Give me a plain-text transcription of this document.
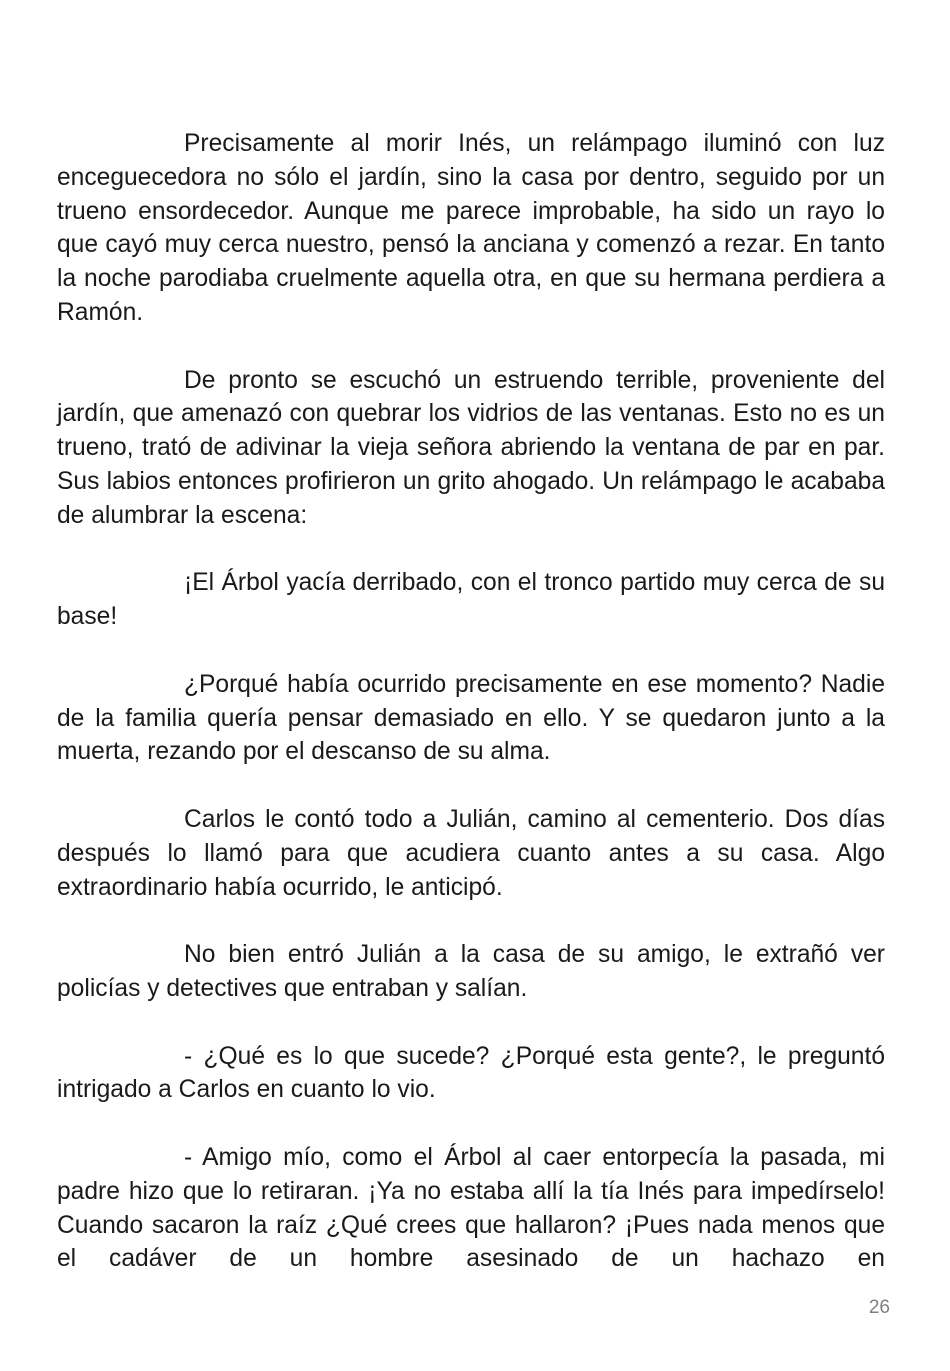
Precisamente al morir Inés, un relámpago iluminó con luz enceguecedora no sólo el jardín, sino la casa por dentro, seguido por un trueno ensordecedor. Aunque me parece improbable, ha sido un rayo lo que cayó muy cerca nuestro, pensó la anciana y comenzó a rezar. En tanto la noche parodiaba cruelmente aquella otra, en que su hermana perdiera a Ramón.

De pronto se escuchó un estruendo terrible, proveniente del jardín, que amenazó con quebrar los vidrios de las ventanas. Esto no es un trueno, trató de adivinar la vieja señora abriendo la ventana de par en par. Sus labios entonces profirieron un grito ahogado. Un relámpago le acababa de alumbrar la escena:

¡El Árbol yacía derribado, con el tronco partido muy cerca de su base!

¿Porqué había ocurrido precisamente en ese momento? Nadie de la familia quería pensar demasiado en ello. Y se quedaron junto a la muerta, rezando por el descanso de su alma.

Carlos le contó todo a Julián, camino al cementerio. Dos días después lo llamó para que acudiera cuanto antes a su casa. Algo extraordinario había ocurrido, le anticipó.

No bien entró Julián a la casa de su amigo, le extrañó ver policías y detectives que entraban y salían.

- ¿Qué es lo que sucede? ¿Porqué esta gente?, le preguntó intrigado a Carlos en cuanto lo vio.

- Amigo mío, como el Árbol al caer entorpecía la pasada, mi padre hizo que lo retiraran. ¡Ya no estaba allí la tía Inés para impedírselo! Cuando sacaron la raíz ¿Qué crees que hallaron? ¡Pues nada menos que el cadáver de un hombre asesinado de un hachazo en

26
